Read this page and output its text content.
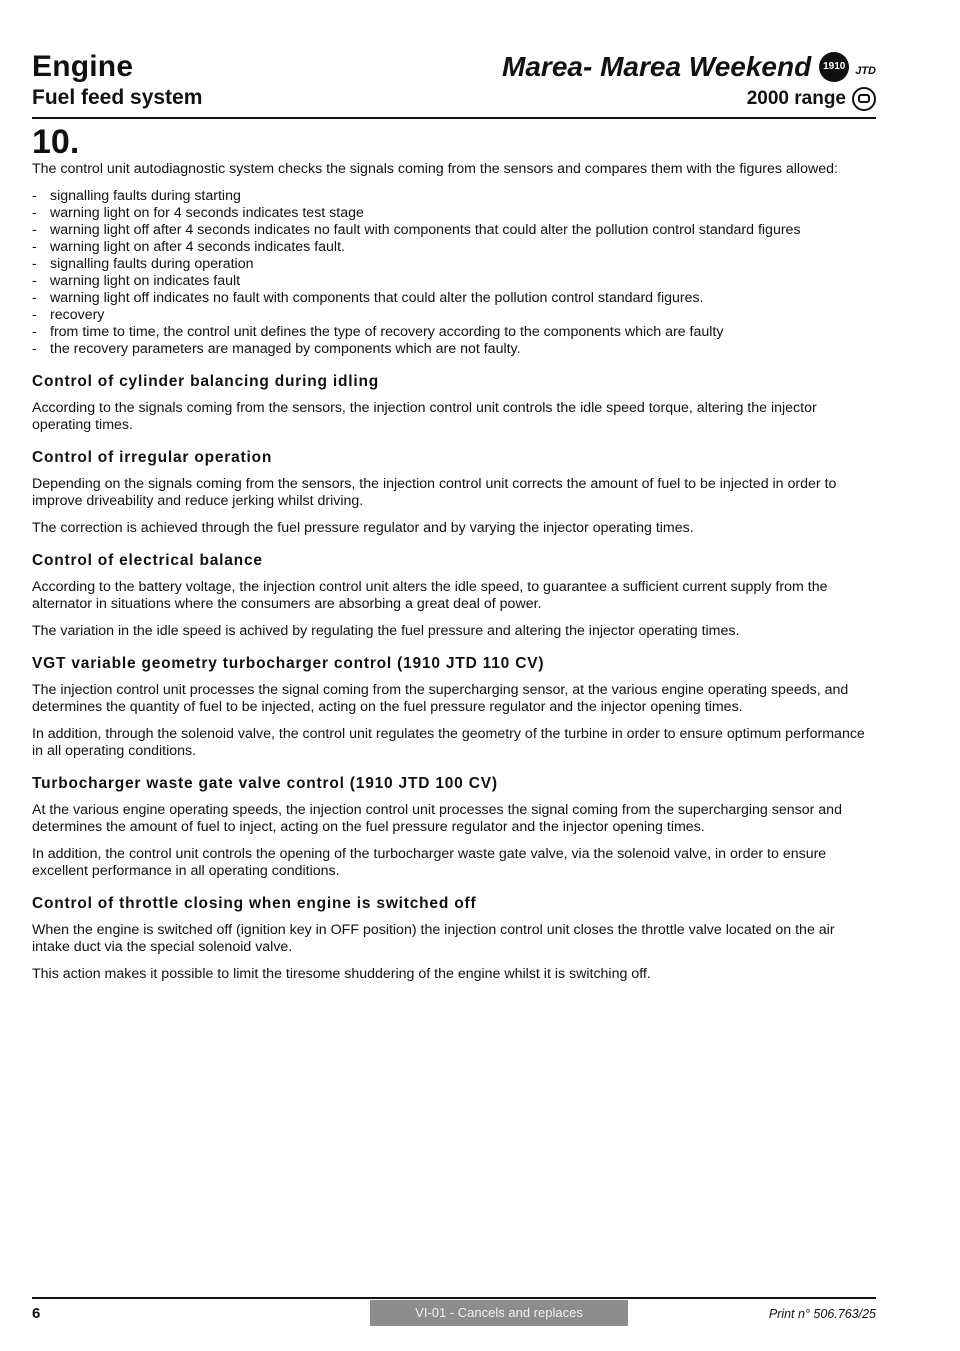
Engine
Fuel feed system
Marea- Marea Weekend	1910 JTD
2000 range
10.

The control unit autodiagnostic system checks the signals coming from the sensors and compares them with the figures allowed:

- signalling faults during starting
- warning light on for 4 seconds indicates test stage
- warning light off after 4 seconds indicates no fault with components that could alter the pollution control standard figures
- warning light on after 4 seconds indicates fault.
- signalling faults during operation
- warning light on indicates fault
- warning light off indicates no fault with components that could alter the pollution control standard figures.
- recovery
- from time to time, the control unit defines the type of recovery according to the components which are faulty
- the recovery parameters are managed by components which are not faulty.
Control of cylinder balancing during idling

According to the signals coming from the sensors, the injection control unit controls the idle speed torque, altering the injector operating times.

Control of irregular operation

Depending on the signals coming from the sensors, the injection control unit corrects the amount of fuel to be injected in order to improve driveability and reduce jerking whilst driving.

The correction is achieved through the fuel pressure regulator and by varying the injector operating times.

Control of electrical balance

According to the battery voltage, the injection control unit alters the idle speed, to guarantee a sufficient current supply from the alternator in situations where the consumers are absorbing a great deal of power.

The variation in the idle speed is achived by regulating the fuel pressure and altering the injector operating times.

VGT variable geometry turbocharger control (1910 JTD 110 CV)

The injection control unit processes the signal coming from the supercharging sensor, at the various engine operating speeds, and determines the quantity of fuel to be injected, acting on the fuel pressure regulator and the injector opening times.

In addition, through the solenoid valve, the control unit regulates the geometry of the turbine in order to ensure optimum performance in all operating conditions.

Turbocharger waste gate valve control (1910 JTD 100 CV)

At the various engine operating speeds, the injection control unit processes the signal coming from the supercharging sensor and determines the amount of fuel to inject, acting on the fuel pressure regulator and the injector opening times.

In addition, the control unit controls the opening of the turbocharger waste gate valve, via the solenoid valve, in order to ensure excellent performance in all operating conditions.

Control of throttle closing when engine is switched off

When the engine is switched off (ignition key in OFF position) the injection control unit closes the throttle valve located on the air intake duct via the special solenoid valve.

This action makes it possible to limit the tiresome shuddering of the engine whilst it is switching off.

6	VI-01 - Cancels and replaces	Print n° 506.763/25
